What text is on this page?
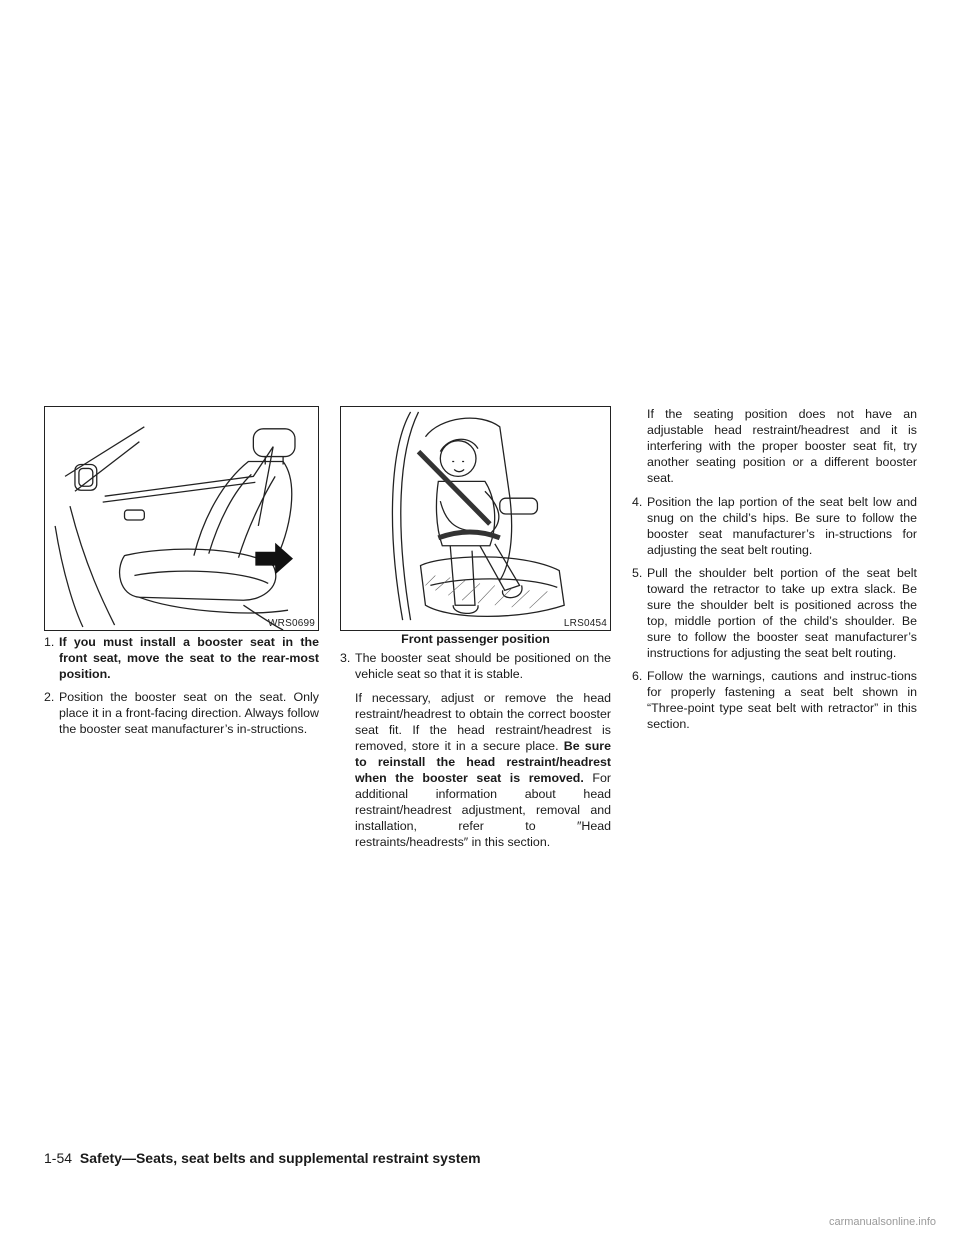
WRS0699	LRS0454
Front passenger position
1. If you must install a booster seat in the front seat, move the seat to the rear-most position.
2. Position the booster seat on the seat. Only place it in a front-facing direction. Always follow the booster seat manufacturer’s in-structions.
3. The booster seat should be positioned on the vehicle seat so that it is stable.
If necessary, adjust or remove the head restraint/headrest to obtain the correct booster seat fit. If the head restraint/headrest is removed, store it in a secure place. Be sure to reinstall the head restraint/headrest when the booster seat is removed. For additional information about head restraint/headrest adjustment, removal and installation, refer to ″Head restraints/headrests″ in this section.
If the seating position does not have an adjustable head restraint/headrest and it is interfering with the proper booster seat fit, try another seating position or a different booster seat.
4. Position the lap portion of the seat belt low and snug on the child’s hips. Be sure to follow the booster seat manufacturer’s in-structions for adjusting the seat belt routing.
5. Pull the shoulder belt portion of the seat belt toward the retractor to take up extra slack. Be sure the shoulder belt is positioned across the top, middle portion of the child’s shoulder. Be sure to follow the booster seat manufacturer’s instructions for adjusting the seat belt routing.
6. Follow the warnings, cautions and instruc-tions for properly fastening a seat belt shown in “Three-point type seat belt with retractor” in this section.
1-54 Safety—Seats, seat belts and supplemental restraint system
carmanualsonline.info
